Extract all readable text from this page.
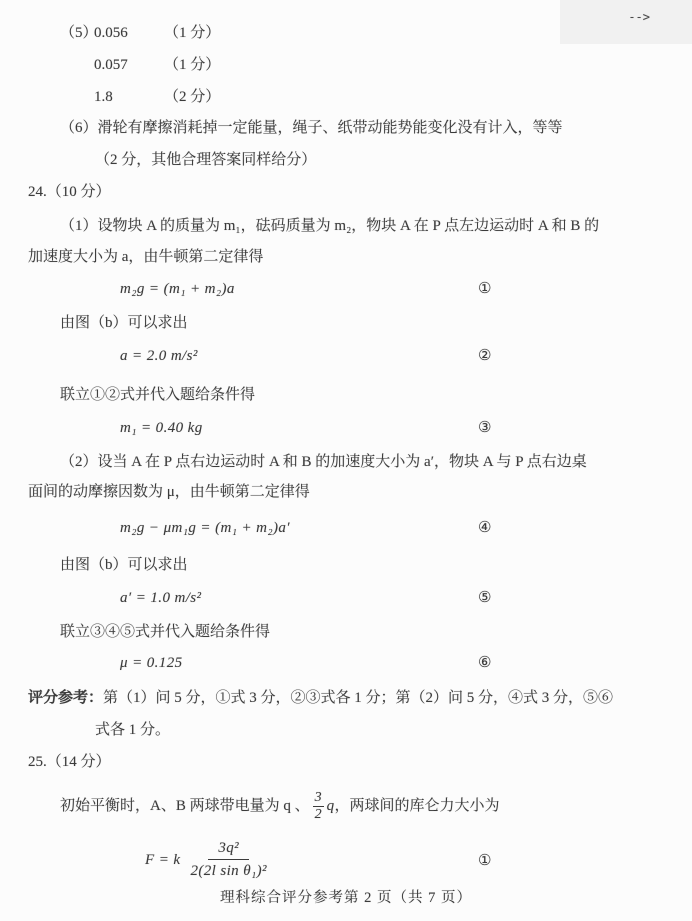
-->
（5）0.056 （1 分）
0.057 （1 分）
1.8	（2 分）
（6）滑轮有摩擦消耗掉一定能量，绳子、纸带动能势能变化没有计入，等等
（2 分，其他合理答案同样给分）
24.（10 分）
（1）设物块 A 的质量为 m₁，砝码质量为 m₂，物块 A 在 P 点左边运动时 A 和 B 的
加速度大小为 a，由牛顿第二定律得
m₂g = (m₁ + m₂)a	①
由图（b）可以求出
a = 2.0 m/s²	②
联立①②式并代入题给条件得
m₁ = 0.40 kg	③
（2）设当 A 在 P 点右边运动时 A 和 B 的加速度大小为 a′，物块 A 与 P 点右边桌
面间的动摩擦因数为 μ，由牛顿第二定律得
m₂g − μm₁g = (m₁ + m₂)a′	④
由图（b）可以求出
a′ = 1.0 m/s²	⑤
联立③④⑤式并代入题给条件得
μ = 0.125	⑥
评分参考：第（1）问 5 分，①式 3 分，②③式各 1 分；第（2）问 5 分，④式 3 分，⑤⑥
式各 1 分。
25.（14 分）
初始平衡时，A、B 两球带电量为 q 、 $\frac{3}{2}$ q，两球间的库仑力大小为
F = k $\frac{\text{3q²}}{\text{2(2l sin θ₁)²}}$	①
理科综合评分参考第 2 页（共 7 页）
